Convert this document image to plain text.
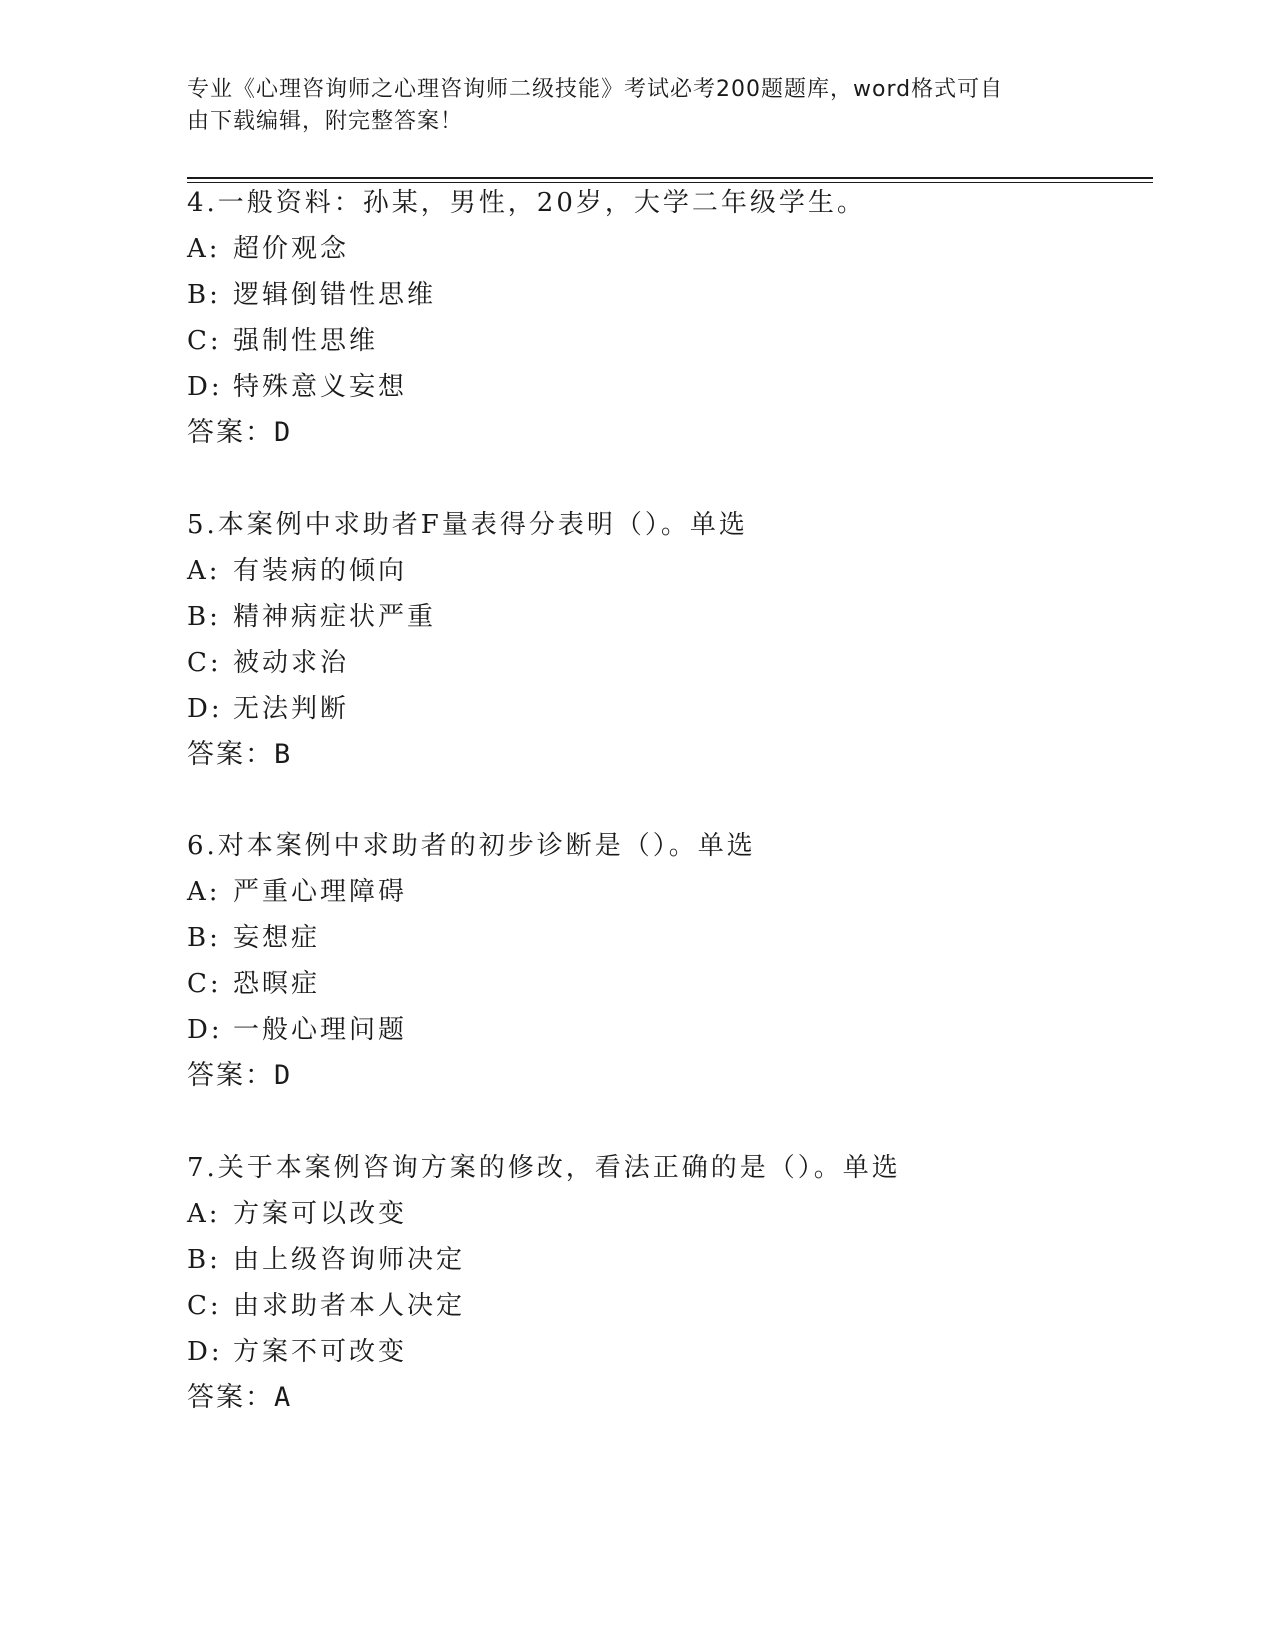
专业《心理咨询师之心理咨询师二级技能》考试必考200题题库，word格式可自
由下载编辑，附完整答案！
4.一般资料：孙某，男性，20岁，大学二年级学生。
A: 超价观念
B: 逻辑倒错性思维
C: 强制性思维
D: 特殊意义妄想
答案：D
5.本案例中求助者F量表得分表明（）。单选
A: 有装病的倾向
B: 精神病症状严重
C: 被动求治
D: 无法判断
答案：B
6.对本案例中求助者的初步诊断是（）。单选
A: 严重心理障碍
B: 妄想症
C: 恐暝症
D: 一般心理问题
答案：D
7.关于本案例咨询方案的修改，看法正确的是（）。单选
A: 方案可以改变
B: 由上级咨询师决定
C: 由求助者本人决定
D: 方案不可改变
答案：A
